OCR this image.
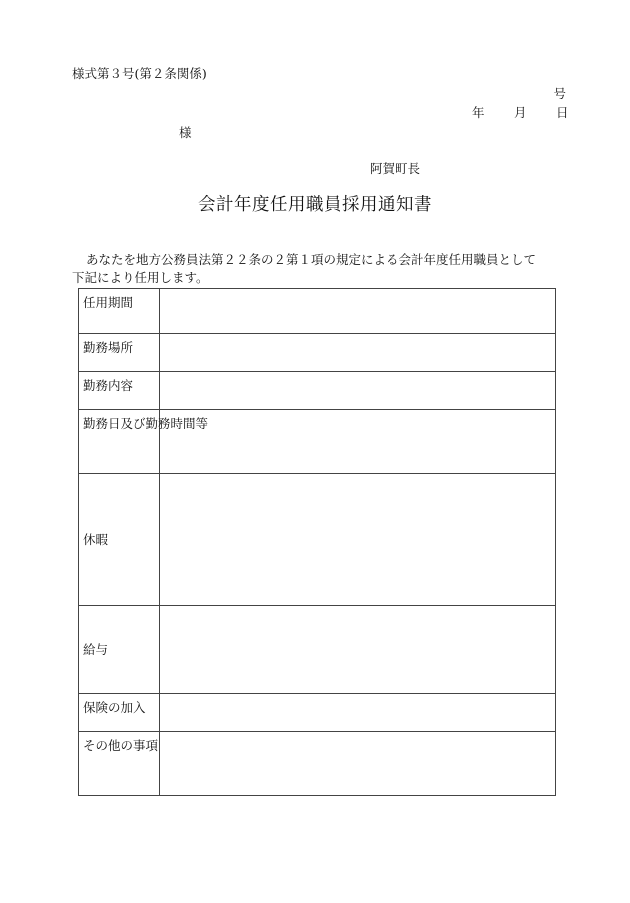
様式第３号(第２条関係)
号
年 月 日
様
阿賀町長
会計年度任用職員採用通知書
あなたを地方公務員法第２２条の２第１項の規定による会計年度任用職員として
下記により任用します。
任用期間	
勤務場所	
勤務内容	
勤務日及び勤務時間等	
休暇	
給与	
保険の加入	
その他の事項	
